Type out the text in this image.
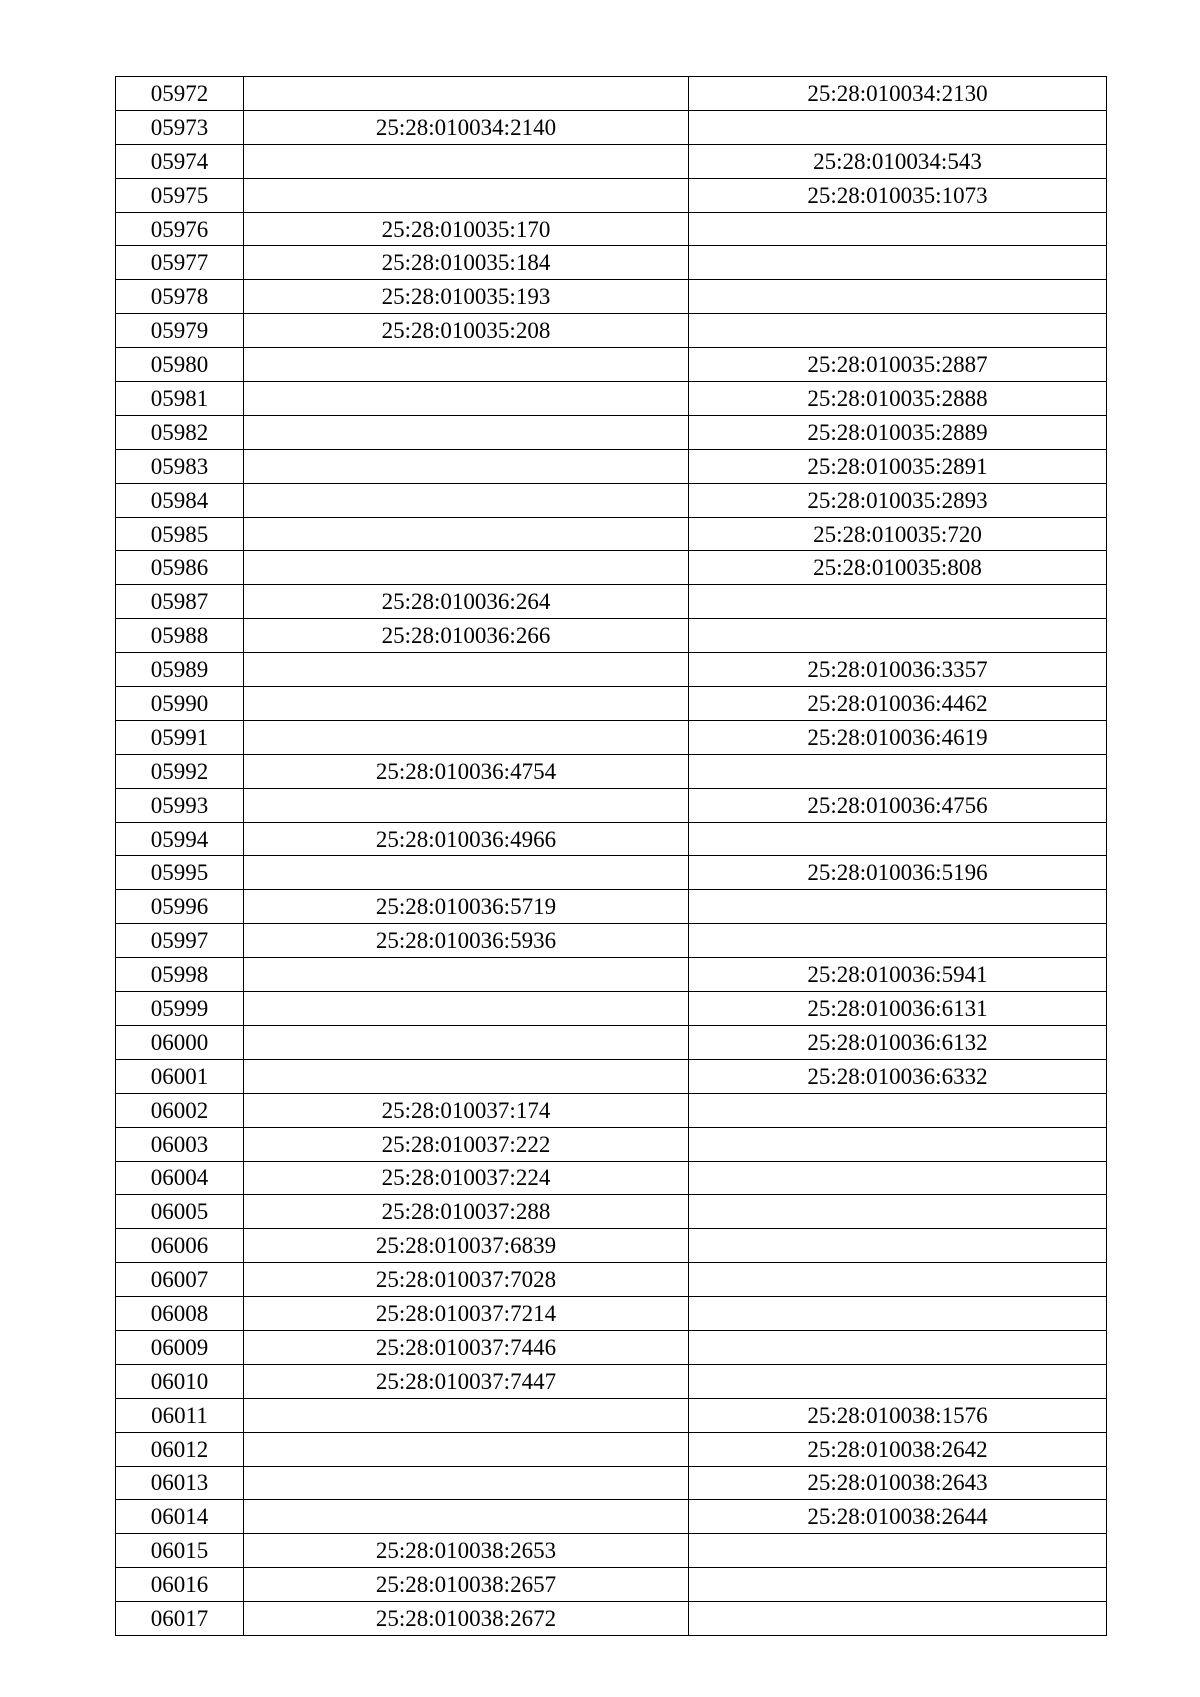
05972		25:28:010034:2130
05973	25:28:010034:2140	
05974		25:28:010034:543
05975		25:28:010035:1073
05976	25:28:010035:170	
05977	25:28:010035:184	
05978	25:28:010035:193	
05979	25:28:010035:208	
05980		25:28:010035:2887
05981		25:28:010035:2888
05982		25:28:010035:2889
05983		25:28:010035:2891
05984		25:28:010035:2893
05985		25:28:010035:720
05986		25:28:010035:808
05987	25:28:010036:264	
05988	25:28:010036:266	
05989		25:28:010036:3357
05990		25:28:010036:4462
05991		25:28:010036:4619
05992	25:28:010036:4754	
05993		25:28:010036:4756
05994	25:28:010036:4966	
05995		25:28:010036:5196
05996	25:28:010036:5719	
05997	25:28:010036:5936	
05998		25:28:010036:5941
05999		25:28:010036:6131
06000		25:28:010036:6132
06001		25:28:010036:6332
06002	25:28:010037:174	
06003	25:28:010037:222	
06004	25:28:010037:224	
06005	25:28:010037:288	
06006	25:28:010037:6839	
06007	25:28:010037:7028	
06008	25:28:010037:7214	
06009	25:28:010037:7446	
06010	25:28:010037:7447	
06011		25:28:010038:1576
06012		25:28:010038:2642
06013		25:28:010038:2643
06014		25:28:010038:2644
06015	25:28:010038:2653	
06016	25:28:010038:2657	
06017	25:28:010038:2672	
